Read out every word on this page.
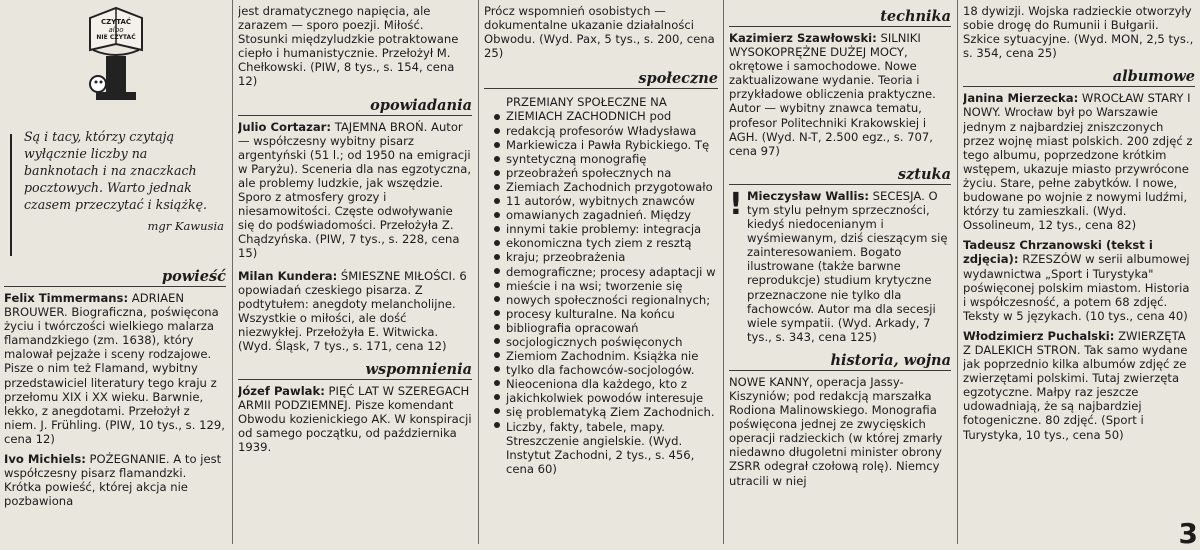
CZYTAĆ
albo
NIE CZYTAĆ

Są i tacy, którzy czytają wyłącznie liczby na banknotach i na znaczkach pocztowych. Warto jednak czasem przeczytać i książkę.

mgr Kawusia

powieść

Felix Timmermans: ADRIAEN BROUWER. Biograficzna, poświęcona życiu i twórczości wielkiego malarza flamandzkiego (zm. 1638), który malował pejzaże i sceny rodzajowe. Pisze o nim też Flamand, wybitny przedstawiciel literatury tego kraju z przełomu XIX i XX wieku. Barwnie, lekko, z anegdotami. Przełożył z niem. J. Frühling. (PIW, 10 tys., s. 129, cena 12)

Ivo Michiels: POŻEGNANIE. A to jest współczesny pisarz flamandzki. Krótka powieść, której akcja nie pozbawiona

jest dramatycznego napięcia, ale zarazem — sporo poezji. Miłość. Stosunki międzyludzkie potraktowane ciepło i humanistycznie. Przełożył M. Chełkowski. (PIW, 8 tys., s. 154, cena 12)

opowiadania

Julio Cortazar: TAJEMNA BROŃ. Autor — współczesny wybitny pisarz argentyński (51 l.; od 1950 na emigracji w Paryżu). Sceneria dla nas egzotyczna, ale problemy ludzkie, jak wszędzie. Sporo z atmosfery grozy i niesamowitości. Częste odwoływanie się do podświadomości. Przełożyła Z. Chądzyńska. (PIW, 7 tys., s. 228, cena 15)

Milan Kundera: ŚMIESZNE MIŁOŚCI. 6 opowiadań czeskiego pisarza. Z podtytułem: anegdoty melancholijne. Wszystkie o miłości, ale dość niezwykłej. Przełożyła E. Witwicka. (Wyd. Śląsk, 7 tys., s. 171, cena 12)

wspomnienia

Józef Pawlak: PIĘĆ LAT W SZEREGACH ARMII PODZIEMNEJ. Pisze komendant Obwodu kozienickiego AK. W konspiracji od samego początku, od października 1939.

Prócz wspomnień osobistych — dokumentalne ukazanie działalności Obwodu. (Wyd. Pax, 5 tys., s. 200, cena 25)

społeczne

PRZEMIANY SPOŁECZNE NA ZIEMIACH ZACHODNICH pod redakcją profesorów Władysława Markiewicza i Pawła Rybickiego. Tę syntetyczną monografię przeobrażeń społecznych na Ziemiach Zachodnich przygotowało 11 autorów, wybitnych znawców omawianych zagadnień. Między innymi takie problemy: integracja ekonomiczna tych ziem z resztą kraju; przeobrażenia demograficzne; procesy adaptacji w mieście i na wsi; tworzenie się nowych społeczności regionalnych; procesy kulturalne. Na końcu bibliografia opracowań socjologicznych poświęconych Ziemiom Zachodnim. Książka nie tylko dla fachowców-socjologów. Nieoceniona dla każdego, kto z jakichkolwiek powodów interesuje się problematyką Ziem Zachodnich. Liczby, fakty, tabele, mapy. Streszczenie angielskie. (Wyd. Instytut Zachodni, 2 tys., s. 456, cena 60)

technika

Kazimierz Szawłowski: SILNIKI WYSOKOPRĘŻNE DUŻEJ MOCY, okrętowe i samochodowe. Nowe zaktualizowane wydanie. Teoria i przykładowe obliczenia praktyczne. Autor — wybitny znawca tematu, profesor Politechniki Krakowskiej i AGH. (Wyd. N-T, 2.500 egz., s. 707, cena 97)

sztuka

! Mieczysław Wallis: SECESJA. O tym stylu pełnym sprzeczności, kiedyś niedocenianym i wyśmiewanym, dziś cieszącym się zainteresowaniem. Bogato ilustrowane (także barwne reprodukcje) studium krytyczne przeznaczone nie tylko dla fachowców. Autor ma dla secesji wiele sympatii. (Wyd. Arkady, 7 tys., s. 343, cena 125)

historia, wojna

NOWE KANNY, operacja Jassy-Kiszyniów; pod redakcją marszałka Rodiona Malinowskiego. Monografia poświęcona jednej ze zwycięskich operacji radzieckich (w której zmarły niedawno długoletni minister obrony ZSRR odegrał czołową rolę). Niemcy utracili w niej

18 dywizji. Wojska radzieckie otworzyły sobie drogę do Rumunii i Bułgarii. Szkice sytuacyjne. (Wyd. MON, 2,5 tys., s. 354, cena 25)

albumowe

Janina Mierzecka: WROCŁAW STARY I NOWY. Wrocław był po Warszawie jednym z najbardziej zniszczonych przez wojnę miast polskich. 200 zdjęć z tego albumu, poprzedzone krótkim wstępem, ukazuje miasto przywrócone życiu. Stare, pełne zabytków. I nowe, budowane po wojnie z nowymi ludźmi, którzy tu zamieszkali. (Wyd. Ossolineum, 12 tys., cena 82)

Tadeusz Chrzanowski (tekst i zdjęcia): RZESZÓW w serii albumowej wydawnictwa „Sport i Turystyka" poświęconej polskim miastom. Historia i współczesność, a potem 68 zdjęć. Teksty w 5 językach. (10 tys., cena 40)

Włodzimierz Puchalski: ZWIERZĘTA Z DALEKICH STRON. Tak samo wydane jak poprzednio kilka albumów zdjęć ze zwierzętami polskimi. Tutaj zwierzęta egzotyczne. Małpy raz jeszcze udowadniają, że są najbardziej fotogeniczne. 80 zdjęć. (Sport i Turystyka, 10 tys., cena 50)

3
